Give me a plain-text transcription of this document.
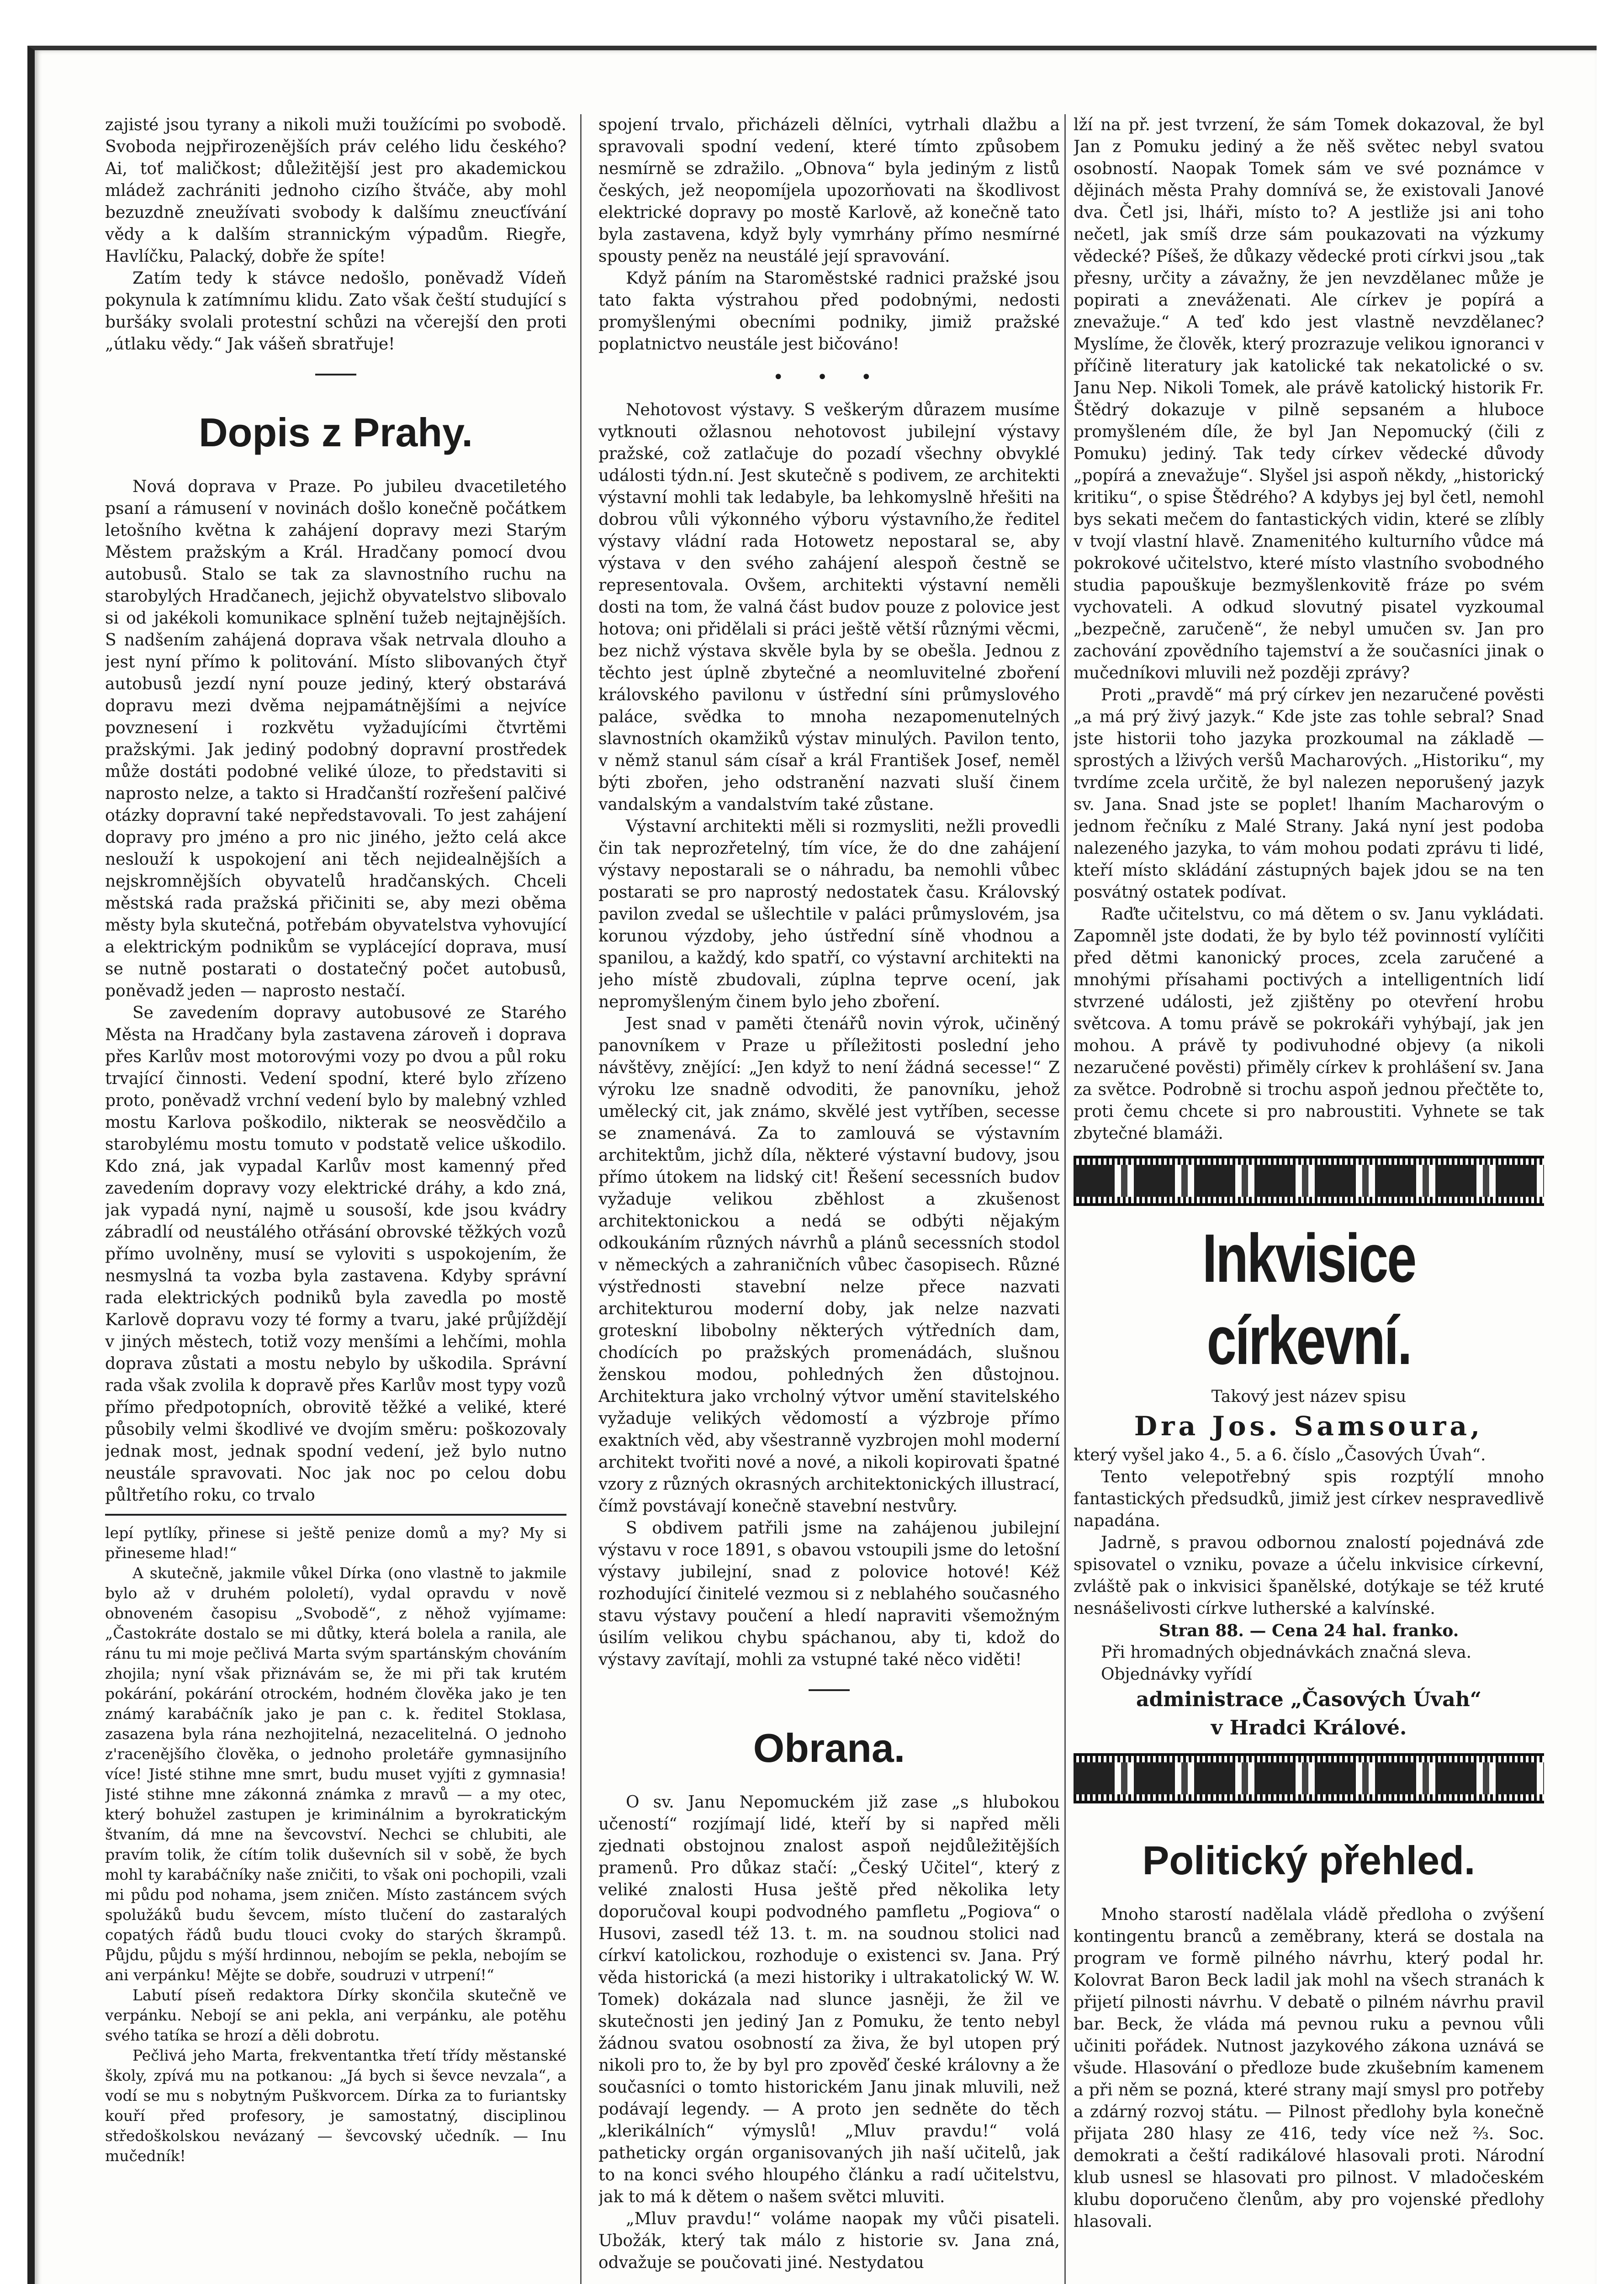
zajisté jsou tyrany a nikoli muži toužícími po svobodě. Svoboda nejpřirozenějších práv celého lidu českého? Ai, toť maličkost; důležitější jest pro akademickou mládež zachrániti jednoho cizího štváče, aby mohl bezuzdně zneužívati svobody k dalšímu zneucťívání vědy a k dalším strannickým výpadům. Riegře, Havlíčku, Palacký, dobře že spíte!

Zatím tedy k stávce nedošlo, poněvadž Vídeň pokynula k zatímnímu klidu. Zato však čeští studující s buršáky svolali protestní schůzi na včerejší den proti „útlaku vědy.“ Jak vášeň sbratřuje!

Dopis z Prahy.

Nová doprava v Praze. Po jubileu dvacetiletého psaní a rámusení v novinách došlo konečně počátkem letošního května k zahájení dopravy mezi Starým Městem pražským a Král. Hradčany pomocí dvou autobusů. Stalo se tak za slavnostního ruchu na starobylých Hradčanech, jejichž obyvatelstvo slibovalo si od jakékoli komunikace splnění tužeb nejtajnějších. S nadšením zahájená doprava však netrvala dlouho a jest nyní přímo k politování. Místo slibovaných čtyř autobusů jezdí nyní pouze jediný, který obstarává dopravu mezi dvěma nejpamátnějšími a nejvíce povznesení i rozkvětu vyžadujícími čtvrtěmi pražskými. Jak jediný podobný dopravní prostředek může dostáti podobné veliké úloze, to představiti si naprosto nelze, a takto si Hradčanští rozřešení palčivé otázky dopravní také nepředstavovali. To jest zahájení dopravy pro jméno a pro nic jiného, ježto celá akce neslouží k uspokojení ani těch nejidealnějších a nejskromnějších obyvatelů hradčanských. Chceli městská rada pražská přičiniti se, aby mezi oběma městy byla skutečná, potřebám obyvatelstva vyhovující a elektrickým podnikům se vyplácející doprava, musí se nutně postarati o dostatečný počet autobusů, poněvadž jeden — naprosto nestačí.

Se zavedením dopravy autobusové ze Starého Města na Hradčany byla zastavena zároveň i doprava přes Karlův most motorovými vozy po dvou a půl roku trvající činnosti. Vedení spodní, které bylo zřízeno proto, poněvadž vrchní vedení bylo by malebný vzhled mostu Karlova poškodilo, nikterak se neosvědčilo a starobylému mostu tomuto v podstatě velice uškodilo. Kdo zná, jak vypadal Karlův most kamenný před zavedením dopravy vozy elektrické dráhy, a kdo zná, jak vypadá nyní, najmě u sousoší, kde jsou kvádry zábradlí od neustálého otřásání obrovské těžkých vozů přímo uvolněny, musí se vyloviti s uspokojením, že nesmyslná ta vozba byla zastavena. Kdyby správní rada elektrických podniků byla zavedla po mostě Karlově dopravu vozy té formy a tvaru, jaké průjíždějí v jiných městech, totiž vozy menšími a lehčími, mohla doprava zůstati a mostu nebylo by uškodila. Správní rada však zvolila k dopravě přes Karlův most typy vozů přímo předpotopních, obrovitě těžké a veliké, které působily velmi škodlivé ve dvojím směru: poškozovaly jednak most, jednak spodní vedení, jež bylo nutno neustále spravovati. Noc jak noc po celou dobu půltřetího roku, co trvalo

lepí pytlíky, přinese si ještě penize domů a my? My si přineseme hlad!“

A skutečně, jakmile vůkel Dírka (ono vlastně to jakmile bylo až v druhém pololetí), vydal opravdu v nově obnoveném časopisu „Svobodě“, z něhož vyjímame: „Častokráte dostalo se mi důtky, která bolela a ranila, ale ránu tu mi moje pečlivá Marta svým spartánským chováním zhojila; nyní však přiznávám se, že mi při tak krutém pokárání, pokárání otrockém, hodném člověka jako je ten známý karabáčník jako je pan c. k. ředitel Stoklasa, zasazena byla rána nezhojitelná, nezacelitelná. O jednoho z'racenějšího člověka, o jednoho proletáře gymnasijního více! Jisté stihne mne smrt, budu muset vyjíti z gymnasia! Jisté stihne mne zákonná známka z mravů — a my otec, který bohužel zastupen je kriminálnim a byrokratickým štvaním, dá mne na ševcovství. Nechci se chlubiti, ale pravím tolik, že cítím tolik duševních sil v sobě, že bych mohl ty karabáčníky naše zničiti, to však oni pochopili, vzali mi půdu pod nohama, jsem zničen. Místo zastáncem svých spolužáků budu ševcem, místo tlučení do zastaralých copatých řádů budu tlouci cvoky do starých škrampů. Půjdu, půjdu s mýší hrdinnou, nebojím se pekla, nebojím se ani verpánku! Mějte se dobře, soudruzi v utrpení!“

Labutí píseň redaktora Dírky skončila skutečně ve verpánku. Nebojí se ani pekla, ani verpánku, ale potěhu svého tatíka se hrozí a děli dobrotu.

Pečlivá jeho Marta, frekventantka třetí třídy městanské školy, zpívá mu na potkanou: „Já bych si ševce nevzala“, a vodí se mu s nobytným Puškvorcem. Dírka za to furiantsky kouří před profesory, je samostatný, disciplinou středoškolskou nevázaný — ševcovský učedník. — Inu mučedník!

spojení trvalo, přicházeli dělníci, vytrhali dlažbu a spravovali spodní vedení, které tímto způsobem nesmírně se zdražilo. „Obnova“ byla jediným z listů českých, jež neopomíjela upozorňovati na škodlivost elektrické dopravy po mostě Karlově, až konečně tato byla zastavena, když byly vymrhány přímo nesmírné spousty peněz na neustálé její spravování.

Když páním na Staroměstské radnici pražské jsou tato fakta výstrahou před podobnými, nedosti promyšlenými obecními podniky, jimiž pražské poplatnictvo neustále jest bičováno!

• • •

Nehotovost výstavy. S veškerým důrazem musíme vytknouti ožlasnou nehotovost jubilejní výstavy pražské, což zatlačuje do pozadí všechny obvyklé události týdn.ní. Jest skutečně s podivem, ze architekti výstavní mohli tak ledabyle, ba lehkomyslně hřešiti na dobrou vůli výkonného výboru výstavního,že ředitel výstavy vládní rada Hotowetz nepostaral se, aby výstava v den svého zahájení alespoň čestně se representovala. Ovšem, architekti výstavní neměli dosti na tom, že valná část budov pouze z polovice jest hotova; oni přidělali si práci ještě větší různými věcmi, bez nichž výstava skvěle byla by se obešla. Jednou z těchto jest úplně zbytečné a neomluvitelné zboření královského pavilonu v ústřední síni průmyslového paláce, svědka to mnoha nezapomenutelných slavnostních okamžiků výstav minulých. Pavilon tento, v němž stanul sám císař a král František Josef, neměl býti zbořen, jeho odstranění nazvati sluší činem vandalským a vandalstvím také zůstane.

Výstavní architekti měli si rozmysliti, nežli provedli čin tak neprozřetelný, tím více, že do dne zahájení výstavy nepostarali se o náhradu, ba nemohli vůbec postarati se pro naprostý nedostatek času. Královský pavilon zvedal se ušlechtile v paláci průmyslovém, jsa korunou výzdoby, jeho ústřední síně vhodnou a spanilou, a každý, kdo spatří, co výstavní architekti na jeho místě zbudovali, zúplna teprve ocení, jak nepromyšleným činem bylo jeho zboření.

Jest snad v paměti čtenářů novin výrok, učiněný panovníkem v Praze u příležitosti poslední jeho návštěvy, znějící: „Jen když to není žádná secesse!“ Z výroku lze snadně odvoditi, že panovníku, jehož umělecký cit, jak známo, skvělé jest vytříben, secesse se znamenává. Za to zamlouvá se výstavním architektům, jichž díla, některé výstavní budovy, jsou přímo útokem na lidský cit! Řešení secessních budov vyžaduje velikou zběhlost a zkušenost architektonickou a nedá se odbýti nějakým odkoukáním různých návrhů a plánů secessních stodol v německých a zahraničních vůbec časopisech. Různé výstřednosti stavební nelze přece nazvati architekturou moderní doby, jak nelze nazvati groteskní libobolny některých výtředních dam, chodících po pražských promenádách, slušnou ženskou modou, pohledných žen důstojnou. Architektura jako vrcholný výtvor umění stavitelského vyžaduje velikých vědomostí a výzbroje přímo exaktních věd, aby všestranně vyzbrojen mohl moderní architekt tvořiti nové a nové, a nikoli kopirovati špatné vzory z různých okrasných architektonických illustrací, čímž povstávají konečně stavební nestvůry.

S obdivem patřili jsme na zahájenou jubilejní výstavu v roce 1891, s obavou vstoupili jsme do letošní výstavy jubilejní, snad z polovice hotové! Kéž rozhodující činitelé vezmou si z neblahého současného stavu výstavy poučení a hledí napraviti všemožným úsilím velikou chybu spáchanou, aby ti, kdož do výstavy zavítají, mohli za vstupné také něco viděti!

Obrana.

O sv. Janu Nepomuckém již zase „s hlubokou učeností“ rozjímají lidé, kteří by si napřed měli zjednati obstojnou znalost aspoň nejdůležitějších pramenů. Pro důkaz stačí: „Český Učitel“, který z veliké znalosti Husa ještě před několika lety doporučoval koupi podvodného pamfletu „Pogiova“ o Husovi, zasedl též 13. t. m. na soudnou stolici nad církví katolickou, rozhoduje o existenci sv. Jana. Prý věda historická (a mezi historiky i ultrakatolický W. W. Tomek) dokázala nad slunce jasněji, že žil ve skutečnosti jen jediný Jan z Pomuku, že tento nebyl žádnou svatou osobností za živa, že byl utopen prý nikoli pro to, že by byl pro zpověď české královny a že současníci o tomto historickém Janu jinak mluvili, než podávají legendy. — A proto jen sedněte do těch „klerikálních“ výmyslů! „Mluv pravdu!“ volá patheticky orgán organisovaných jih naší učitelů, jak to na konci svého hloupého článku a radí učitelstvu, jak to má k dětem o našem světci mluviti.

„Mluv pravdu!“ voláme naopak my vůči pisateli. Ubožák, který tak málo z historie sv. Jana zná, odvažuje se poučovati jiné. Nestydatou

lží na př. jest tvrzení, že sám Tomek dokazoval, že byl Jan z Pomuku jediný a že něš světec nebyl svatou osobností. Naopak Tomek sám ve své poznámce v dějinách města Prahy domnívá se, že existovali Janové dva. Četl jsi, lháři, místo to? A jestliže jsi ani toho nečetl, jak smíš drze sám poukazovati na výzkumy vědecké? Píšeš, že důkazy vědecké proti církvi jsou „tak přesny, určity a závažny, že jen nevzdělanec může je popirati a zneváženati. Ale církev je popírá a znevažuje.“ A teď kdo jest vlastně nevzdělanec? Myslíme, že člověk, který prozrazuje velikou ignoranci v příčině literatury jak katolické tak nekatolické o sv. Janu Nep. Nikoli Tomek, ale právě katolický historik Fr. Štědrý dokazuje v pilně sepsaném a hluboce promyšleném díle, že byl Jan Nepomucký (čili z Pomuku) jediný. Tak tedy církev vědecké důvody „popírá a znevažuje“. Slyšel jsi aspoň někdy, „historický kritiku“, o spise Štědrého? A kdybys jej byl četl, nemohl bys sekati mečem do fantastických vidin, které se zlíbly v tvojí vlastní hlavě. Znamenitého kulturního vůdce má pokrokové učitelstvo, které místo vlastního svobodného studia papouškuje bezmyšlenkovitě fráze po svém vychovateli. A odkud slovutný pisatel vyzkoumal „bezpečně, zaručeně“, že nebyl umučen sv. Jan pro zachování zpovědního tajemství a že současníci jinak o mučedníkovi mluvili než později zprávy?

Proti „pravdě“ má prý církev jen nezaručené pověsti „a má prý živý jazyk.“ Kde jste zas tohle sebral? Snad jste historii toho jazyka prozkoumal na základě — sprostých a lživých veršů Macharových. „Historiku“, my tvrdíme zcela určitě, že byl nalezen neporušený jazyk sv. Jana. Snad jste se poplet! lhaním Macharovým o jednom řečníku z Malé Strany. Jaká nyní jest podoba nalezeného jazyka, to vám mohou podati zprávu ti lidé, kteří místo skládání zástupných bajek jdou se na ten posvátný ostatek podívat.

Raďte učitelstvu, co má dětem o sv. Janu vykládati. Zapomněl jste dodati, že by bylo též povinností vylíčiti před dětmi kanonický proces, zcela zaručené a mnohými přísahami poctivých a intelligentních lidí stvrzené události, jež zjištěny po otevření hrobu světcova. A tomu právě se pokrokáři vyhýbají, jak jen mohou. A právě ty podivuhodné objevy (a nikoli nezaručené pověsti) přiměly církev k prohlášení sv. Jana za světce. Podrobně si trochu aspoň jednou přečtěte to, proti čemu chcete si pro nabroustiti. Vyhnete se tak zbytečné blamáži.

Inkvisice církevní.

Takový jest název spisu

Dra Jos. Samsoura,

který vyšel jako 4., 5. a 6. číslo „Časových Úvah“.

Tento velepotřebný spis rozptýlí mnoho fantastických předsudků, jimiž jest církev nespravedlivě napadána.

Jadrně, s pravou odbornou znalostí pojednává zde spisovatel o vzniku, povaze a účelu inkvisice církevní, zvláště pak o inkvisici španělské, dotýkaje se též kruté nesnášelivosti církve lutherské a kalvínské.

Stran 88. — Cena 24 hal. franko.

Při hromadných objednávkách značná sleva.

Objednávky vyřídí

administrace „Časových Úvah“
v Hradci Králové.
Politický přehled.

Mnoho starostí nadělala vládě předloha o zvýšení kontingentu branců a zeměbrany, která se dostala na program ve formě pilného návrhu, který podal hr. Kolovrat Baron Beck ladil jak mohl na všech stranách k přijetí pilnosti návrhu. V debatě o pilném návrhu pravil bar. Beck, že vláda má pevnou ruku a pevnou vůli učiniti pořádek. Nutnost jazykového zákona uznává se všude. Hlasování o předloze bude zkušebním kamenem a při něm se pozná, které strany mají smysl pro potřeby a zdárný rozvoj státu. — Pilnost předlohy byla konečně přijata 280 hlasy ze 416, tedy více než ⅔. Soc. demokrati a čeští radikálové hlasovali proti. Národní klub usnesl se hlasovati pro pilnost. V mladočeském klubu doporučeno členům, aby pro vojenské předlohy hlasovali.
